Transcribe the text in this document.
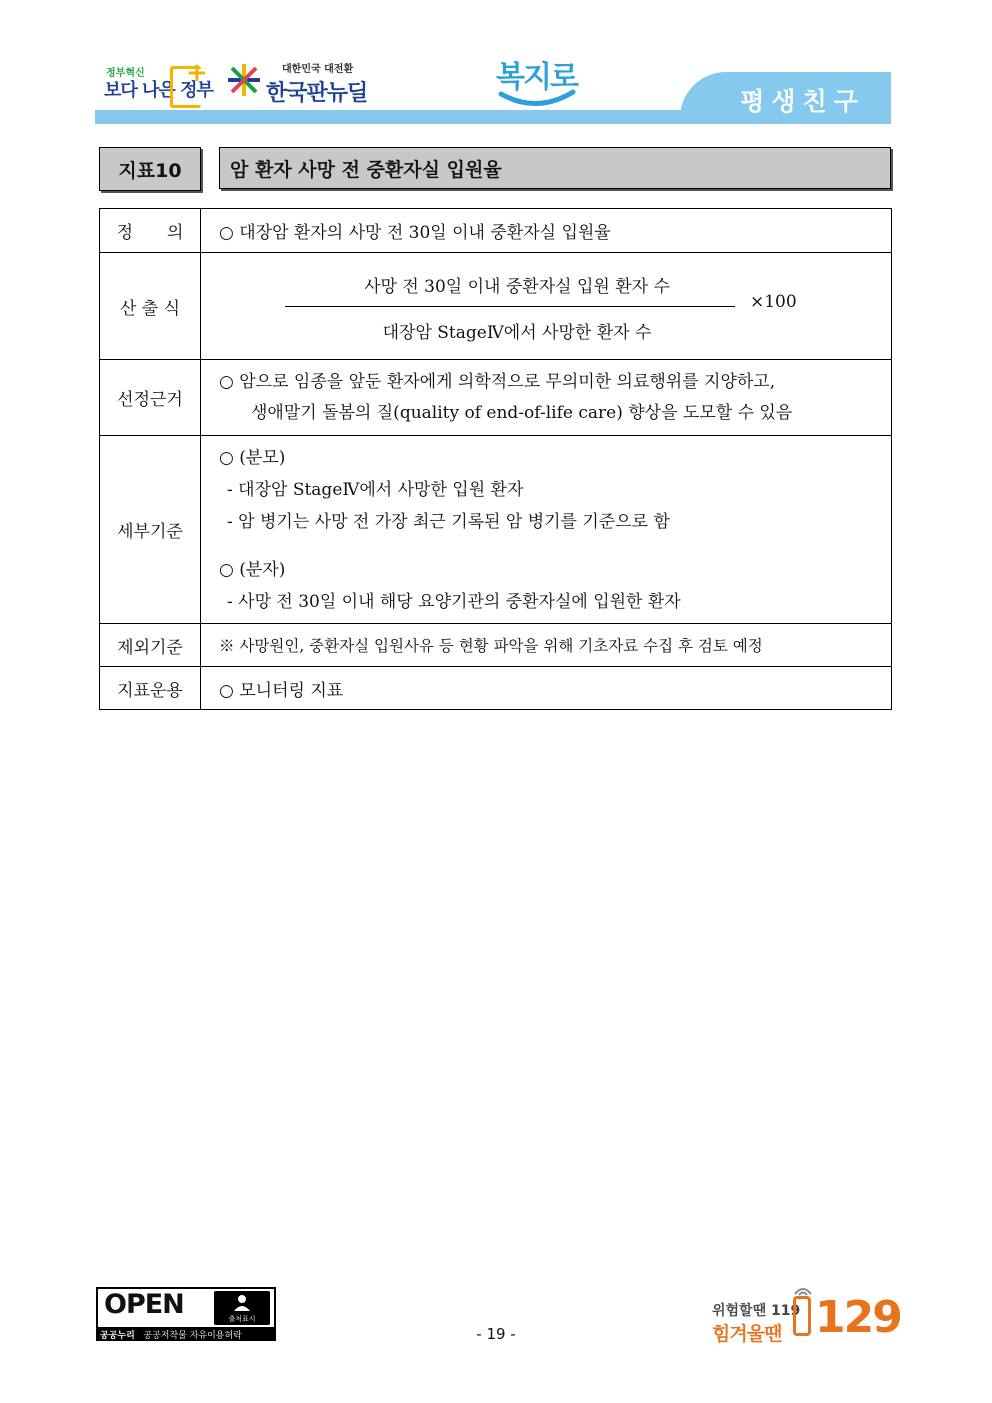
정부혁신
보다 나은 정부
+	대한민국 대전환
한국판뉴딜	복지로
평생친구
지표10	암 환자 사망 전 중환자실 입원율
정　　의	○ 대장암 환자의 사망 전 30일 이내 중환자실 입원율
산 출 식	사망 전 30일 이내 중환자실 입원 환자 수
대장암 StageⅣ에서 사망한 환자 수
×100

선정근거	○ 암으로 임종을 앞둔 환자에게 의학적으로 무의미한 의료행위를 지양하고,
생애말기 돌봄의 질(quality of end-of-life care) 향상을 도모할 수 있음

세부기준	○ (분모)
- 대장암 StageⅣ에서 사망한 입원 환자
- 암 병기는 사망 전 가장 최근 기록된 암 병기를 기준으로 함
○ (분자)
- 사망 전 30일 이내 해당 요양기관의 중환자실에 입원한 환자

제외기준	※ 사망원인, 중환자실 입원사유 등 현황 파악을 위해 기초자료 수집 후 검토 예정
지표운용	○ 모니터링 지표
OPEN	출처표시
공공누리 공공저작물 자유이용허락	- 19 -
위험할땐 119
힘겨울땐 129
